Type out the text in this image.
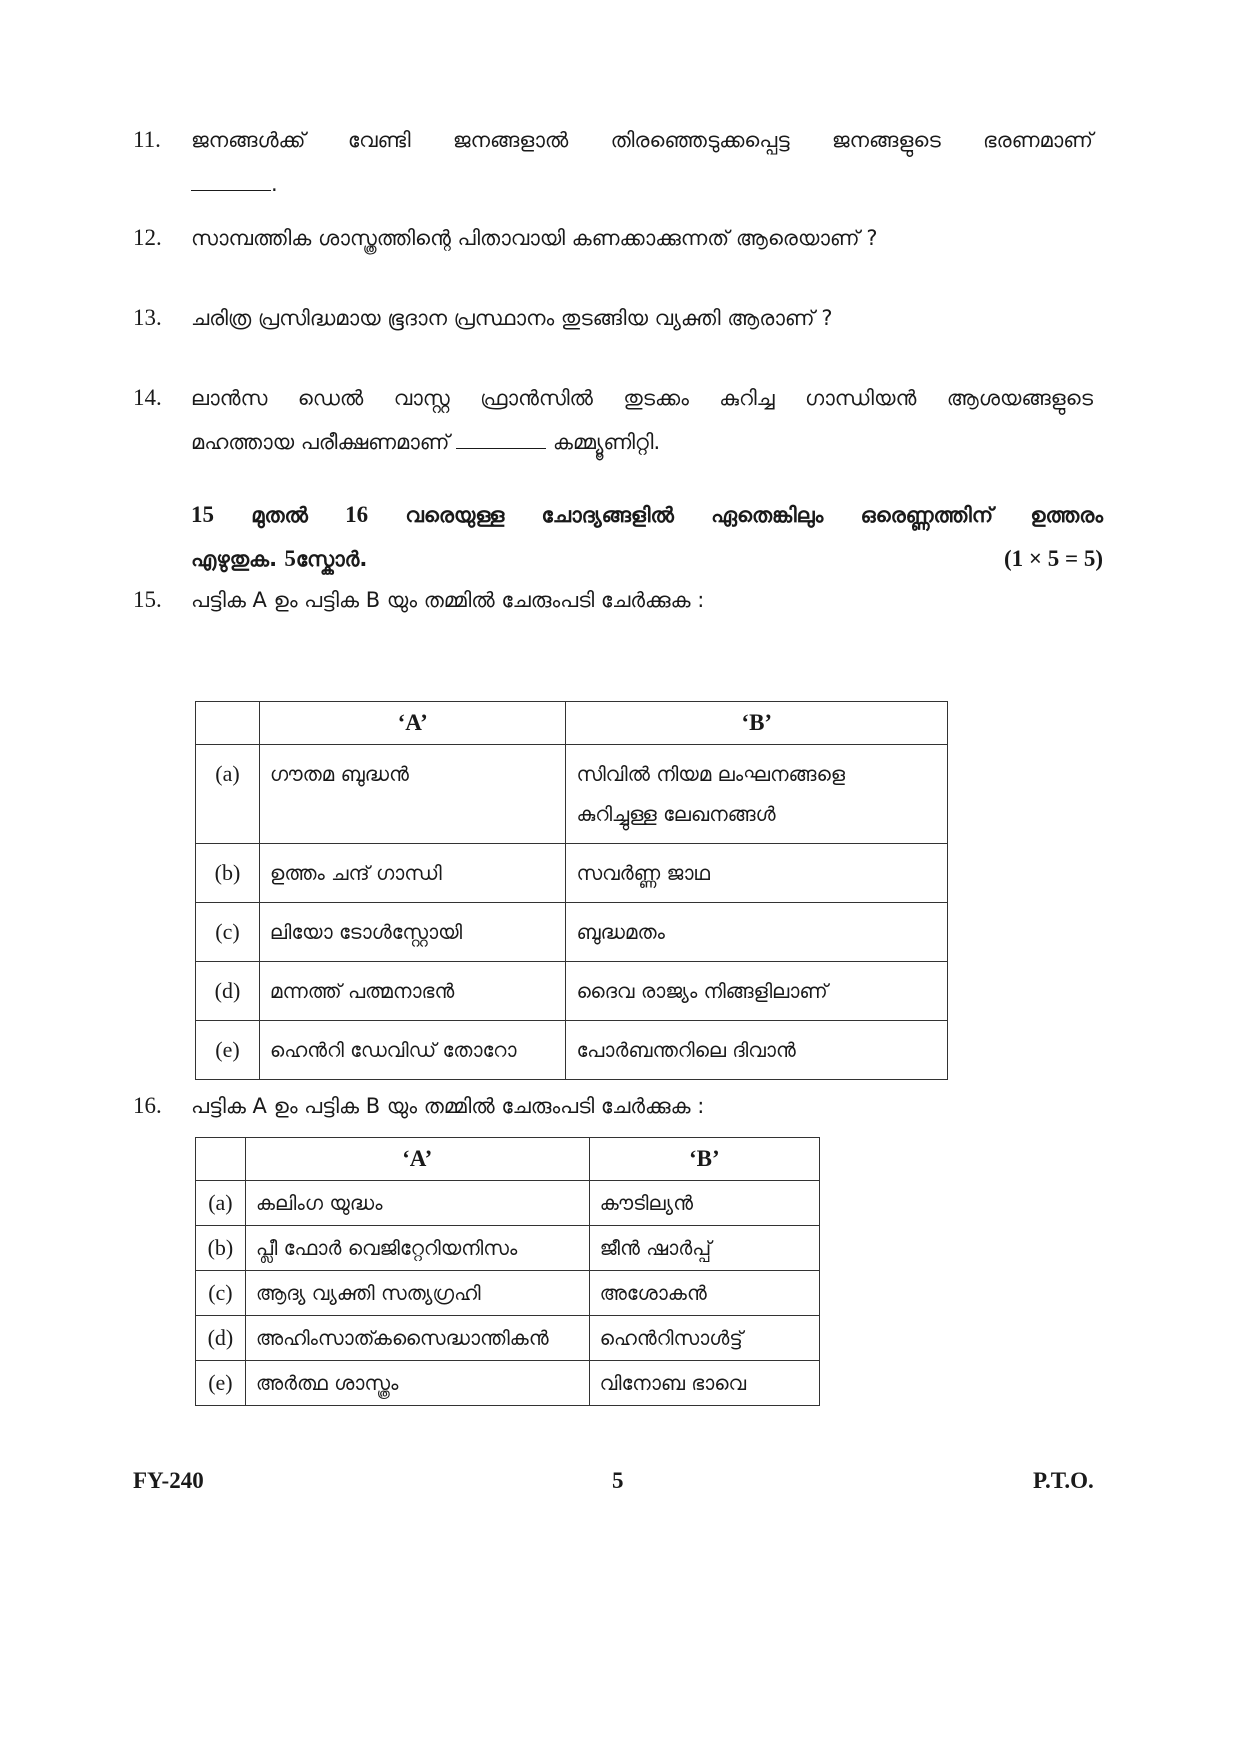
11. ജനങ്ങൾക്ക് വേണ്ടി ജനങ്ങളാൽ തിരഞ്ഞെടുക്കപ്പെട്ട ജനങ്ങളുടെ ഭരണമാണ്
.
12. സാമ്പത്തിക ശാസ്ത്രത്തിന്റെ പിതാവായി കണക്കാക്കുന്നത് ആരെയാണ് ?
13. ചരിത്ര പ്രസിദ്ധമായ ഭൂദാന പ്രസ്ഥാനം തുടങ്ങിയ വ്യക്തി ആരാണ് ?
14. ലാൻസ ഡെൽ വാസ്റ്റ ഫ്രാൻസിൽ തുടക്കം കുറിച്ച ഗാന്ധിയൻ ആശയങ്ങളുടെ
മഹത്തായ പരീക്ഷണമാണ്	കമ്മ്യൂണിറ്റി.
15 മുതൽ 16 വരെയുള്ള ചോദ്യങ്ങളിൽ ഏതെങ്കിലും ഒരെണ്ണത്തിന് ഉത്തരം
എഴുതുക. 5സ്കോർ.	(1 × 5 = 5)
15. പട്ടിക A ഉം പട്ടിക B യും തമ്മിൽ ചേരുംപടി ചേർക്കുക :
	‘A’	‘B’
(a)	ഗൗതമ ബുദ്ധൻ	സിവിൽ നിയമ ലംഘനങ്ങളെ കുറിച്ചുള്ള ലേഖനങ്ങൾ
(b)	ഉത്തം ചന്ദ് ഗാന്ധി	സവർണ്ണ ജാഥ
(c)	ലിയോ ടോൾസ്റ്റോയി	ബുദ്ധമതം
(d)	മന്നത്ത് പത്മനാഭൻ	ദൈവ രാജ്യം നിങ്ങളിലാണ്
(e)	ഹെൻറി ഡേവിഡ് തോറോ	പോർബന്തറിലെ ദിവാൻ
16. പട്ടിക A ഉം പട്ടിക B യും തമ്മിൽ ചേരുംപടി ചേർക്കുക :
	‘A’	‘B’
(a)	കലിംഗ യുദ്ധം	കൗടില്യൻ
(b)	പ്ലീ ഫോർ വെജിറ്റേറിയനിസം	ജീൻ ഷാർപ്പ്
(c)	ആദ്യ വ്യക്തി സത്യഗ്രഹി	അശോകൻ
(d)	അഹിംസാത്കസൈദ്ധാന്തികൻ	ഹെൻറിസാൾട്ട്
(e)	അർത്ഥ ശാസ്ത്രം	വിനോബ ഭാവെ
FY-240	5	P.T.O.
